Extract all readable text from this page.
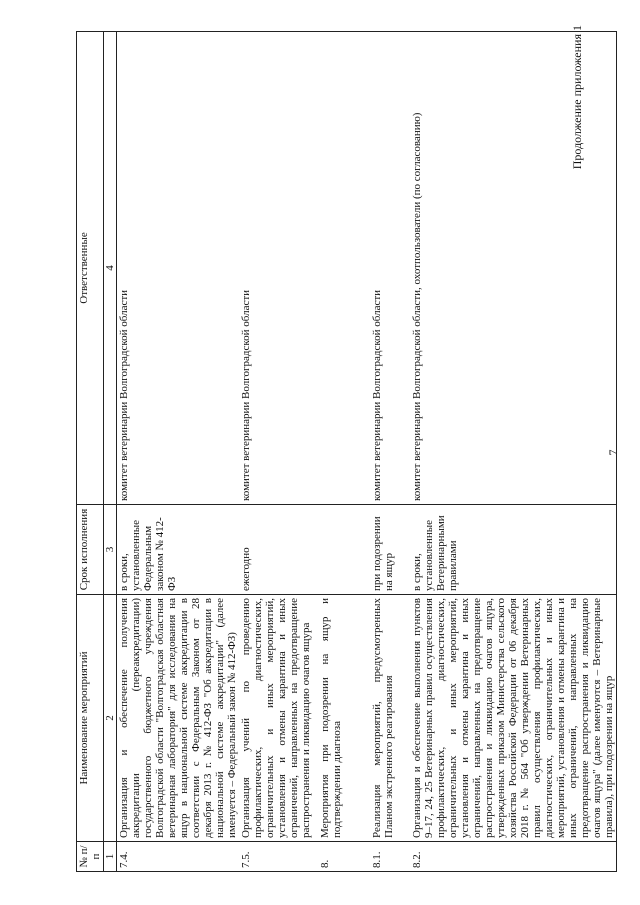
7
Продолжение приложения 1
№ п/п	Наименование мероприятий	Срок исполнения	Ответственные
1	2	3	4
7.4.	Организация и обеспечение получения аккредитации (переаккредитации) государственного бюджетного учреждения Волгоградской области "Волгоградская областная ветеринарная лаборатория" для исследования на ящур в национальной системе аккредитации в соответствии с Федеральным Законом от 28 декабря 2013 г. № 412-ФЗ "Об аккредитации в национальной системе аккредитации" (далее именуется – Федеральный закон № 412-ФЗ)	в сроки, установленные Федеральным законом № 412-ФЗ	комитет ветеринарии Волгоградской области
7.5.	Организация учений по проведению профилактических, диагностических, ограничительных и иных мероприятий, установления и отмены карантина и иных ограничений, направленных на предотвращение распространения и ликвидацию очагов ящура	ежегодно	комитет ветеринарии Волгоградской области
8.	Мероприятия при подозрении на ящур и подтверждении диагноза		
8.1.	Реализация мероприятий, предусмотренных Планом экстренного реагирования	при подозрении на ящур	комитет ветеринарии Волгоградской области
8.2.	Организация и обеспечение выполнения пунктов 9–17, 24, 25 Ветеринарных правил осуществления профилактических, диагностических, ограничительных и иных мероприятий, установления и отмены карантина и иных ограничений, направленных на предотвращение распространения и ликвидацию очагов ящура, утвержденных приказом Министерства сельского хозяйства Российской Федерации от 06 декабря 2018 г. № 564 "Об утверждении Ветеринарных правил осуществления профилактических, диагностических, ограничительных и иных мероприятий, установления и отмены карантина и иных ограничений, направленных на предотвращение распространения и ликвидацию очагов ящура" (далее именуются – Ветеринарные правила), при подозрении на ящур	в сроки, установленные Ветеринарными правилами	комитет ветеринарии Волгоградской области, охотпользователи (по согласованию)
